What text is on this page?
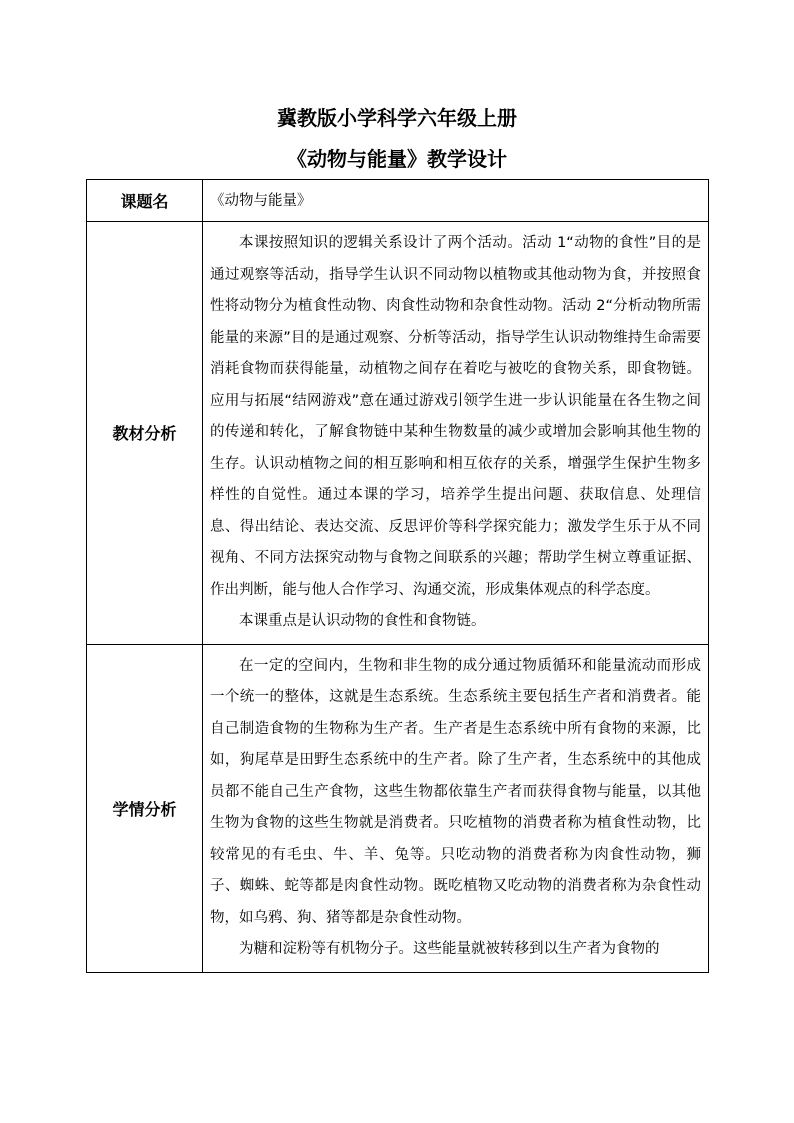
冀教版小学科学六年级上册
《动物与能量》教学设计
课题名	《动物与能量》

教材分析	本课按照知识的逻辑关系设计了两个活动。活动 1“动物的食性”目的是通过观察等活动，指导学生认识不同动物以植物或其他动物为食，并按照食性将动物分为植食性动物、肉食性动物和杂食性动物。活动 2“分析动物所需能量的来源”目的是通过观察、分析等活动，指导学生认识动物维持生命需要消耗食物而获得能量，动植物之间存在着吃与被吃的食物关系，即食物链。应用与拓展“结网游戏”意在通过游戏引领学生进一步认识能量在各生物之间的传递和转化，了解食物链中某种生物数量的减少或增加会影响其他生物的生存。认识动植物之间的相互影响和相互依存的关系，增强学生保护生物多样性的自觉性。通过本课的学习，培养学生提出问题、获取信息、处理信息、得出结论、表达交流、反思评价等科学探究能力；激发学生乐于从不同视角、不同方法探究动物与食物之间联系的兴趣；帮助学生树立尊重证据、作出判断，能与他人合作学习、沟通交流，形成集体观点的科学态度。

本课重点是认识动物的食性和食物链。

学情分析	在一定的空间内，生物和非生物的成分通过物质循环和能量流动而形成一个统一的整体，这就是生态系统。生态系统主要包括生产者和消费者。能自己制造食物的生物称为生产者。生产者是生态系统中所有食物的来源，比如，狗尾草是田野生态系统中的生产者。除了生产者，生态系统中的其他成员都不能自己生产食物，这些生物都依靠生产者而获得食物与能量，以其他生物为食物的这些生物就是消费者。只吃植物的消费者称为植食性动物，比较常见的有毛虫、牛、羊、兔等。只吃动物的消费者称为肉食性动物，狮子、蜘蛛、蛇等都是肉食性动物。既吃植物又吃动物的消费者称为杂食性动物，如乌鸦、狗、猪等都是杂食性动物。

为糖和淀粉等有机物分子。这些能量就被转移到以生产者为食物的
